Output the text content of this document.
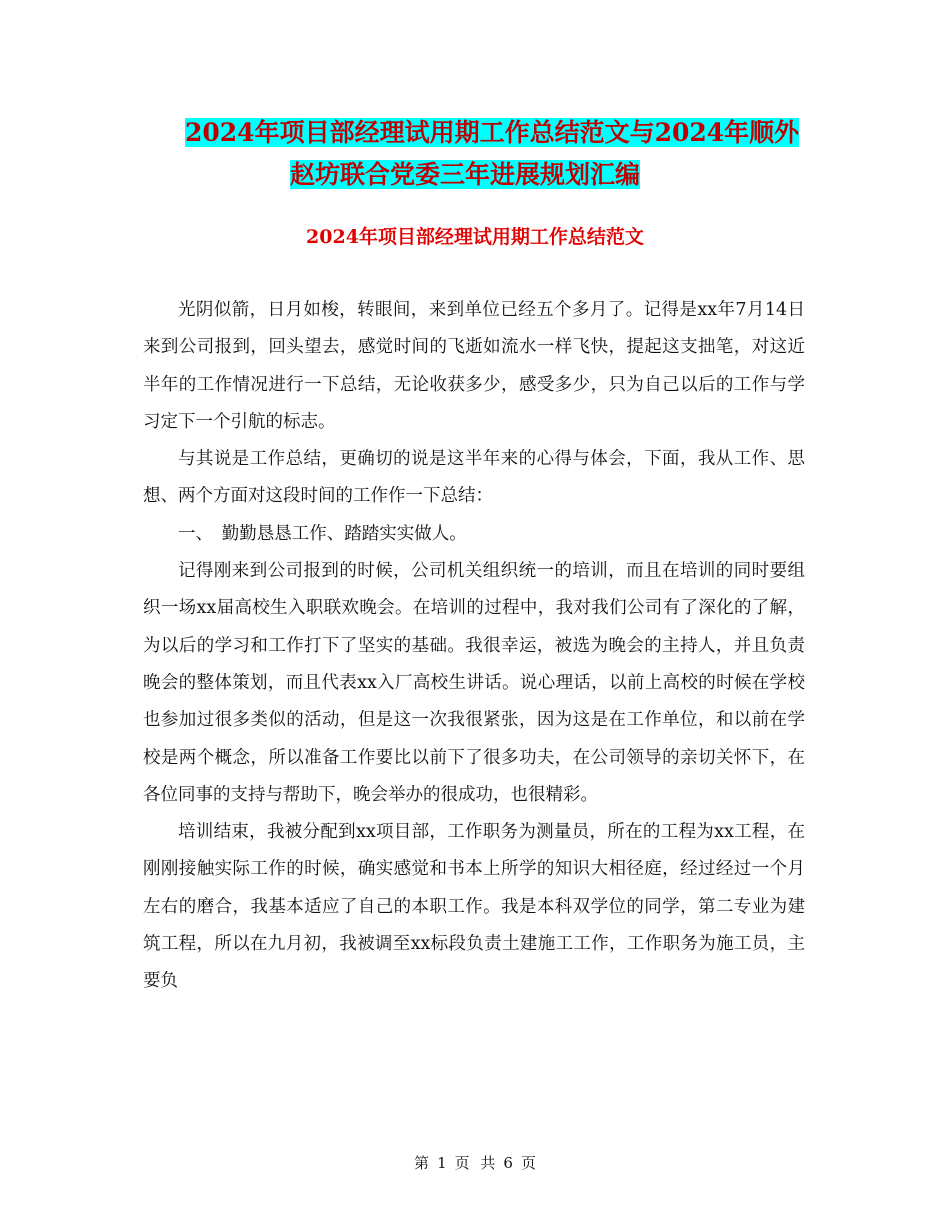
2024年项目部经理试用期工作总结范文与2024年顺外
赵坊联合党委三年进展规划汇编
2024年项目部经理试用期工作总结范文

光阴似箭，日月如梭，转眼间，来到单位已经五个多月了。记得是xx年7月14日来到公司报到，回头望去，感觉时间的飞逝如流水一样飞快，提起这支拙笔，对这近半年的工作情况进行一下总结，无论收获多少，感受多少，只为自己以后的工作与学习定下一个引航的标志。

与其说是工作总结，更确切的说是这半年来的心得与体会，下面，我从工作、思想、两个方面对这段时间的工作作一下总结：

一、　勤勤恳恳工作、踏踏实实做人。

记得刚来到公司报到的时候，公司机关组织统一的培训，而且在培训的同时要组织一场xx届高校生入职联欢晚会。在培训的过程中，我对我们公司有了深化的了解，为以后的学习和工作打下了坚实的基础。我很幸运，被选为晚会的主持人，并且负责晚会的整体策划，而且代表xx入厂高校生讲话。说心理话，以前上高校的时候在学校也参加过很多类似的活动，但是这一次我很紧张，因为这是在工作单位，和以前在学校是两个概念，所以准备工作要比以前下了很多功夫，在公司领导的亲切关怀下，在各位同事的支持与帮助下，晚会举办的很成功，也很精彩。

培训结束，我被分配到xx项目部，工作职务为测量员，所在的工程为xx工程，在刚刚接触实际工作的时候，确实感觉和书本上所学的知识大相径庭，经过经过一个月左右的磨合，我基本适应了自己的本职工作。我是本科双学位的同学，第二专业为建筑工程，所以在九月初，我被调至xx标段负责土建施工工作，工作职务为施工员，主要负

第 1 页 共 6 页
